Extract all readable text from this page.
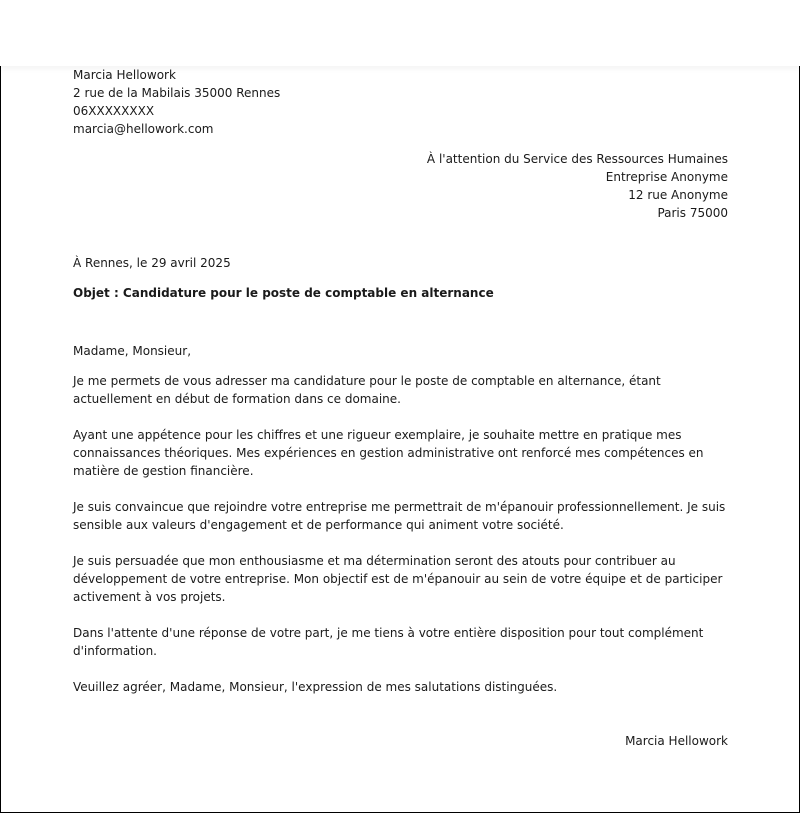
Marcia Hellowork

2 rue de la Mabilais 35000 Rennes

06XXXXXXXX

marcia@hellowork.com

À l'attention du Service des Ressources Humaines

Entreprise Anonyme

12 rue Anonyme

Paris 75000

À Rennes, le 29 avril 2025

Objet : Candidature pour le poste de comptable en alternance

Madame, Monsieur,

Je me permets de vous adresser ma candidature pour le poste de comptable en alternance, étant actuellement en début de formation dans ce domaine.

Ayant une appétence pour les chiffres et une rigueur exemplaire, je souhaite mettre en pratique mes connaissances théoriques. Mes expériences en gestion administrative ont renforcé mes compétences en matière de gestion financière.

Je suis convaincue que rejoindre votre entreprise me permettrait de m'épanouir professionnellement. Je suis sensible aux valeurs d'engagement et de performance qui animent votre société.

Je suis persuadée que mon enthousiasme et ma détermination seront des atouts pour contribuer au développement de votre entreprise. Mon objectif est de m'épanouir au sein de votre équipe et de participer activement à vos projets.

Dans l'attente d'une réponse de votre part, je me tiens à votre entière disposition pour tout complément d'information.

Veuillez agréer, Madame, Monsieur, l'expression de mes salutations distinguées.

Marcia Hellowork
